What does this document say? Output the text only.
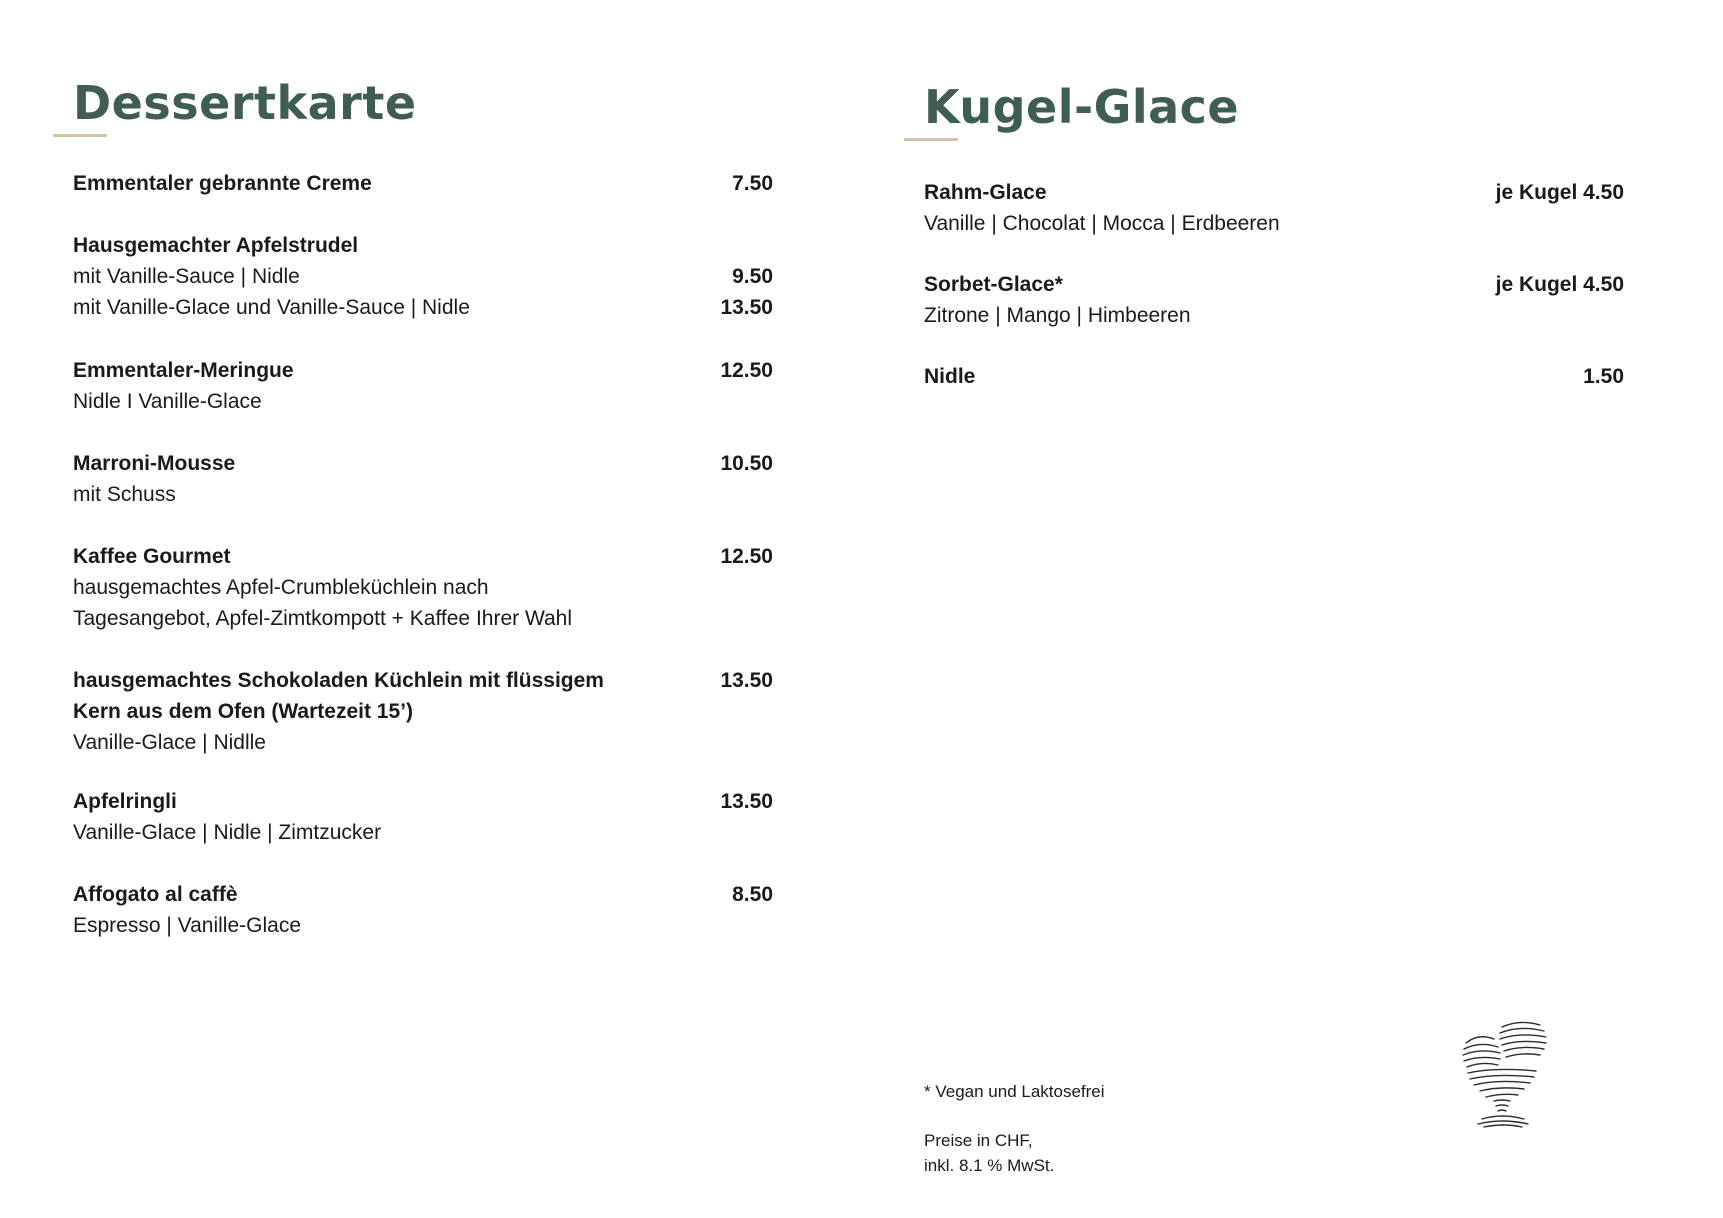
Dessertkarte
Emmentaler gebrannte Creme	7.50
Hausgemachter Apfelstrudel
mit Vanille-Sauce | Nidle	9.50
mit Vanille-Glace und Vanille-Sauce | Nidle	13.50
Emmentaler-Meringue	12.50
Nidle I Vanille-Glace
Marroni-Mousse	10.50
mit Schuss
Kaffee Gourmet	12.50
hausgemachtes Apfel-Crumbleküchlein nach
Tagesangebot, Apfel-Zimtkompott + Kaffee Ihrer Wahl
hausgemachtes Schokoladen Küchlein mit flüssigem Kern aus dem Ofen (Wartezeit 15’)
13.50
Vanille-Glace | Nidlle
Apfelringli	13.50
Vanille-Glace | Nidle | Zimtzucker
Affogato al caffè	8.50
Espresso | Vanille-Glace
Kugel-Glace
Rahm-Glace	je Kugel 4.50
Vanille | Chocolat | Mocca | Erdbeeren
Sorbet-Glace*	je Kugel 4.50
Zitrone | Mango | Himbeeren
Nidle	1.50
* Vegan und Laktosefrei
Preise in CHF,
inkl. 8.1 % MwSt.
